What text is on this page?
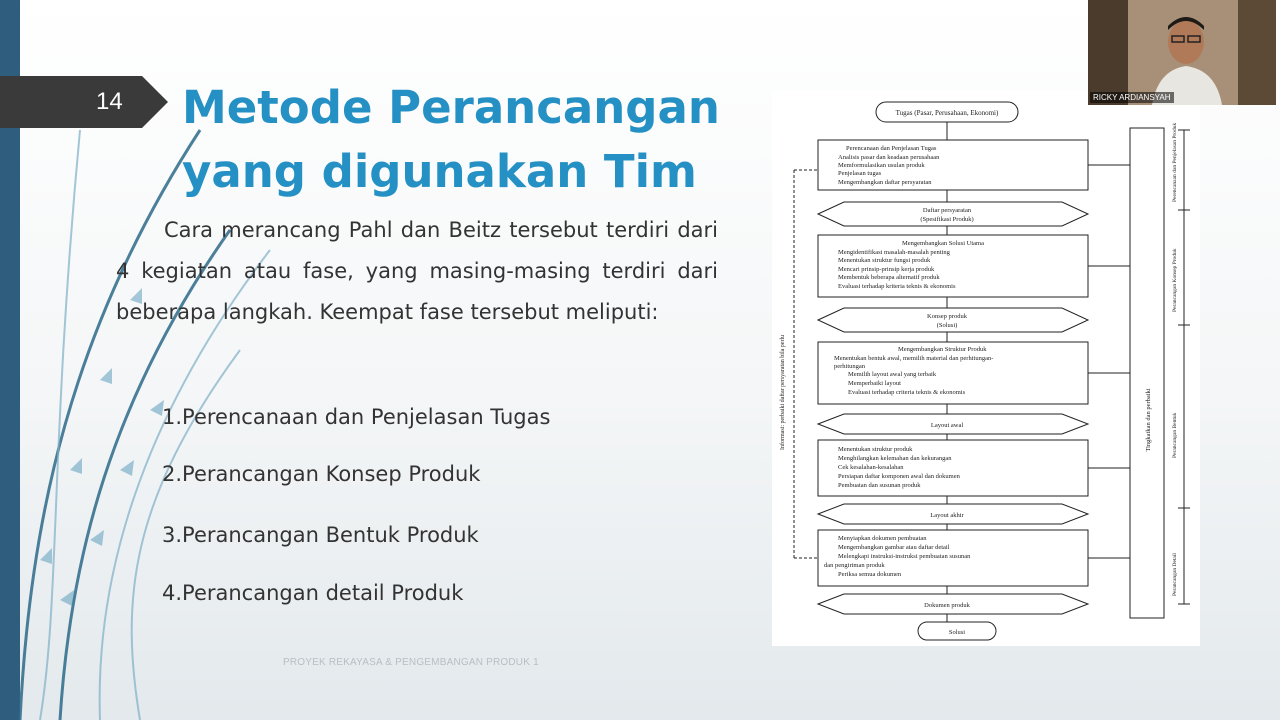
14 Metode Perancangan
yang digunakan Tim

Cara merancang Pahl dan Beitz tersebut terdiri dari 4 kegiatan atau fase, yang masing-masing terdiri dari beberapa langkah. Keempat fase tersebut meliputi:

1.Perencanaan dan Penjelasan Tugas
2.Perancangan Konsep Produk
3.Perancangan Bentuk Produk
4.Perancangan detail Produk
PROYEK REKAYASA & PENGEMBANGAN PRODUK 1
Tugas (Pasar, Perusahaan, Ekonomi)
Perencanaan dan Penjelasan Tugas
Analisis pasar dan keadaan perusahaan
Memformulasikan usulan produk
Penjelasan tugas
Mengembangkan daftar persyaratan
Daftar persyaratan
(Spesifikasi Produk)
Mengembangkan Solusi Utama
Mengidentifikasi masalah-masalah penting
Menentukan struktur fungsi produk
Mencari prinsip-prinsip kerja produk
Membentuk beberapa alternatif produk
Evaluasi terhadap kriteria teknis & ekonomis
Konsep produk
(Solusi)
Mengembangkan Struktur Produk
Menentukan bentuk awal, memilih material dan perhitungan-
perhitungan
Memilih layout awal yang terbaik
Memperbaiki layout
Evaluasi terhadap criteria teknis & ekonomis
Layout awal
Menentukan struktur produk
Menghilangkan kelemahan dan kekurangan
Cek kesalahan-kesalahan
Persiapan daftar komponen awal dan dokumen
Pembuatan dan susunan produk
Layout akhir
Menyiapkan dokumen pembuatan
Mengembangkan gambar atau daftar detail
Melengkapi instruksi-instruksi pembuatan susunan
dan pengiriman produk
Periksa semua dokumen
Dokumen produk
Solusi
Informasi: perbaiki daftar persyaratan bila perlu	Tingkatkan dan perbaiki
Perencanaan dan Penjelasan Produk
Perancangan Konsep Produk
Perancangan Bentuk
Perancangan Detail
RICKY ARDIANSYAH
